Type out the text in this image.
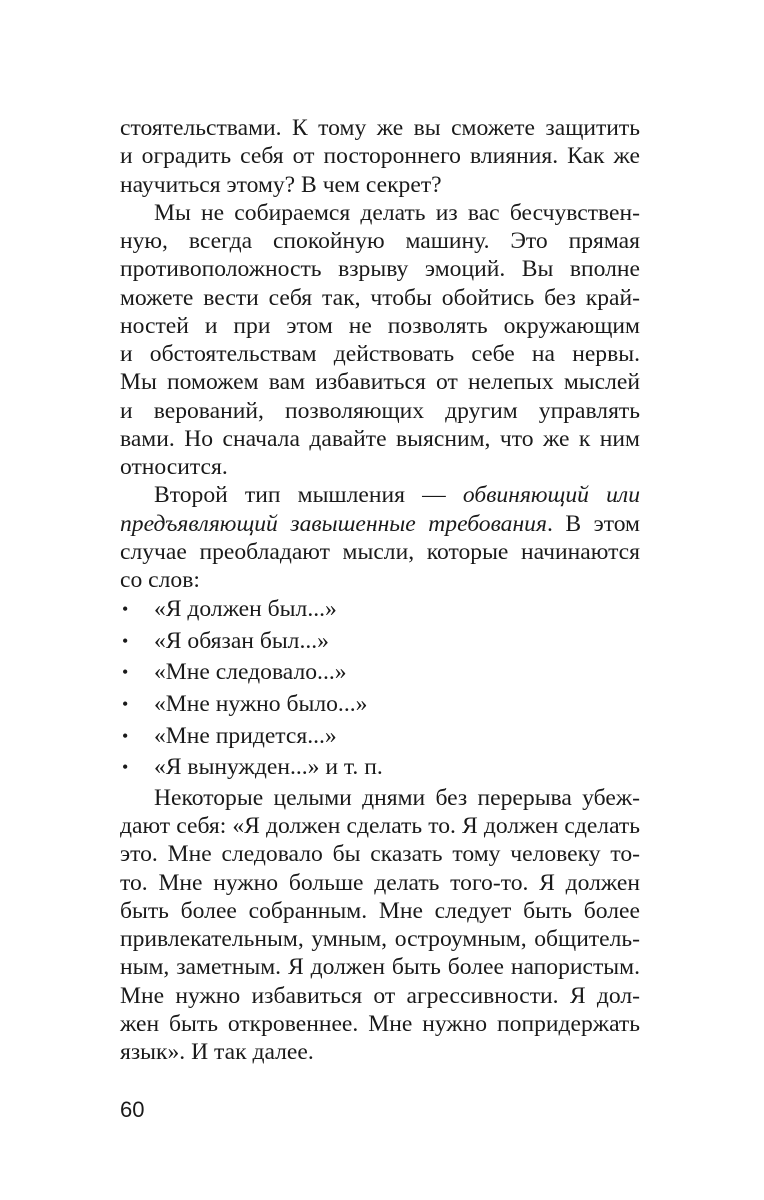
стоятельствами. К тому же вы сможете защитить
и оградить себя от постороннего влияния. Как же
научиться этому? В чем секрет?
Мы не собираемся делать из вас бесчувствен-
ную, всегда спокойную машину. Это прямая
противоположность взрыву эмоций. Вы вполне
можете вести себя так, чтобы обойтись без край-
ностей и при этом не позволять окружающим
и обстоятельствам действовать себе на нервы.
Мы поможем вам избавиться от нелепых мыслей
и верований, позволяющих другим управлять
вами. Но сначала давайте выясним, что же к ним
относится.
Второй тип мышления — обвиняющий или
предъявляющий завышенные требования. В этом
случае преобладают мысли, которые начинаются
со слов:
• «Я должен был...»
• «Я обязан был...»
• «Мне следовало...»
• «Мне нужно было...»
• «Мне придется...»
• «Я вынужден...» и т. п.
Некоторые целыми днями без перерыва убеж-
дают себя: «Я должен сделать то. Я должен сделать
это. Мне следовало бы сказать тому человеку то-
то. Мне нужно больше делать того-то. Я должен
быть более собранным. Мне следует быть более
привлекательным, умным, остроумным, общитель-
ным, заметным. Я должен быть более напористым.
Мне нужно избавиться от агрессивности. Я дол-
жен быть откровеннее. Мне нужно попридержать
язык». И так далее.
60
